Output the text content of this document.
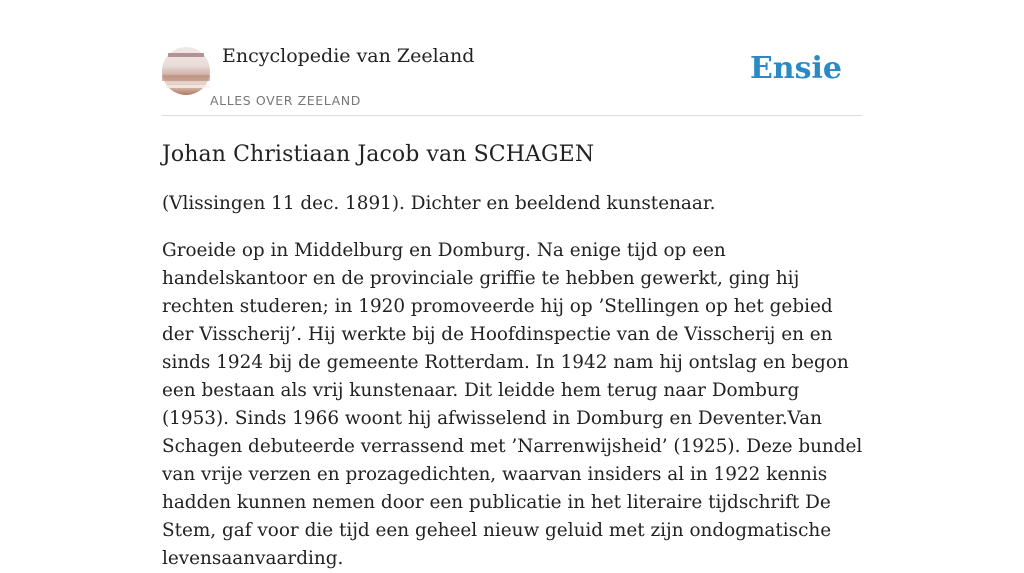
Encyclopedie van Zeeland
ALLES OVER ZEELAND
Ensie
Johan Christiaan Jacob van SCHAGEN

(Vlissingen 11 dec. 1891). Dichter en beeldend kunstenaar.

Groeide op in Middelburg en Domburg. Na enige tijd op een handelskantoor en de provinciale griffie te hebben gewerkt, ging hij rechten studeren; in 1920 promoveerde hij op ’Stellingen op het gebied der Visscherij’. Hij werkte bij de Hoofdinspectie van de Visscherij en en sinds 1924 bij de gemeente Rotterdam. In 1942 nam hij ontslag en begon een bestaan als vrij kunstenaar. Dit leidde hem terug naar Domburg (1953). Sinds 1966 woont hij afwisselend in Domburg en Deventer.Van Schagen debuteerde verrassend met ’Narrenwijsheid’ (1925). Deze bundel van vrije verzen en prozagedichten, waarvan insiders al in 1922 kennis hadden kunnen nemen door een publicatie in het literaire tijdschrift De Stem, gaf voor die tijd een geheel nieuw geluid met zijn ondogmatische levensaanvaarding.
